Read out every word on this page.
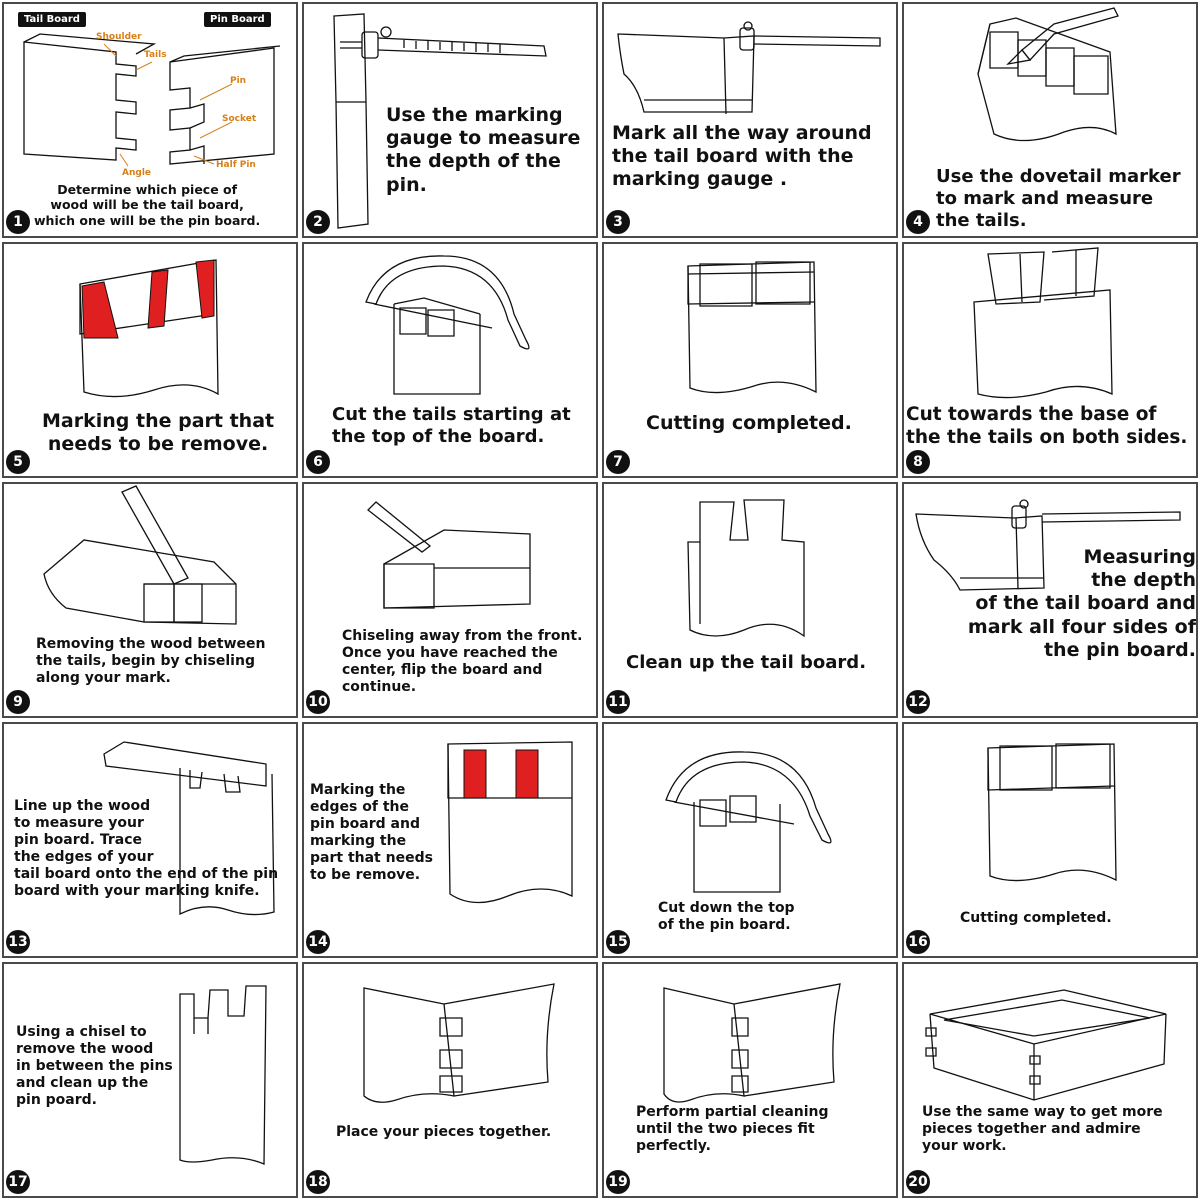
Tail Board	Pin Board
Shoulder
Tails
Pin
Socket
Angle
Half Pin

Determine which piece of
wood will be the tail board,
which one will be the pin board.

1

Use the marking
gauge to measure
the depth of the pin.

2

Mark all the way around
the tail board with the
marking gauge .

3

Use the dovetail marker
to mark and measure
the tails.

4

Marking the part that
needs to be remove.

5

Cut the tails starting at
the top of the board.

6

Cutting completed.

7

Cut towards the base of
the the tails on both sides.

8

Removing the wood between
the tails, begin by chiseling
along your mark.

9

Chiseling away from the front.
Once you have reached the
center, flip the board and
continue.

10

Clean up the tail board.

11

Measuring
the depth
of the tail board and
mark all four sides of
the pin board.

12

Line up the wood
to measure your
pin board. Trace
the edges of your
tail board onto the end of the pin
board with your marking knife.

13

Marking the
edges of the
pin board and
marking the
part that needs
to be remove.

14

Cut down the top
of the pin board.

15

Cutting completed.

16

Using a chisel to
remove the wood
in between the pins
and clean up the
pin poard.

17

Place your pieces together.

18

Perform partial cleaning
until the two pieces fit
perfectly.

19

Use the same way to get more
pieces together and admire
your work.

20
